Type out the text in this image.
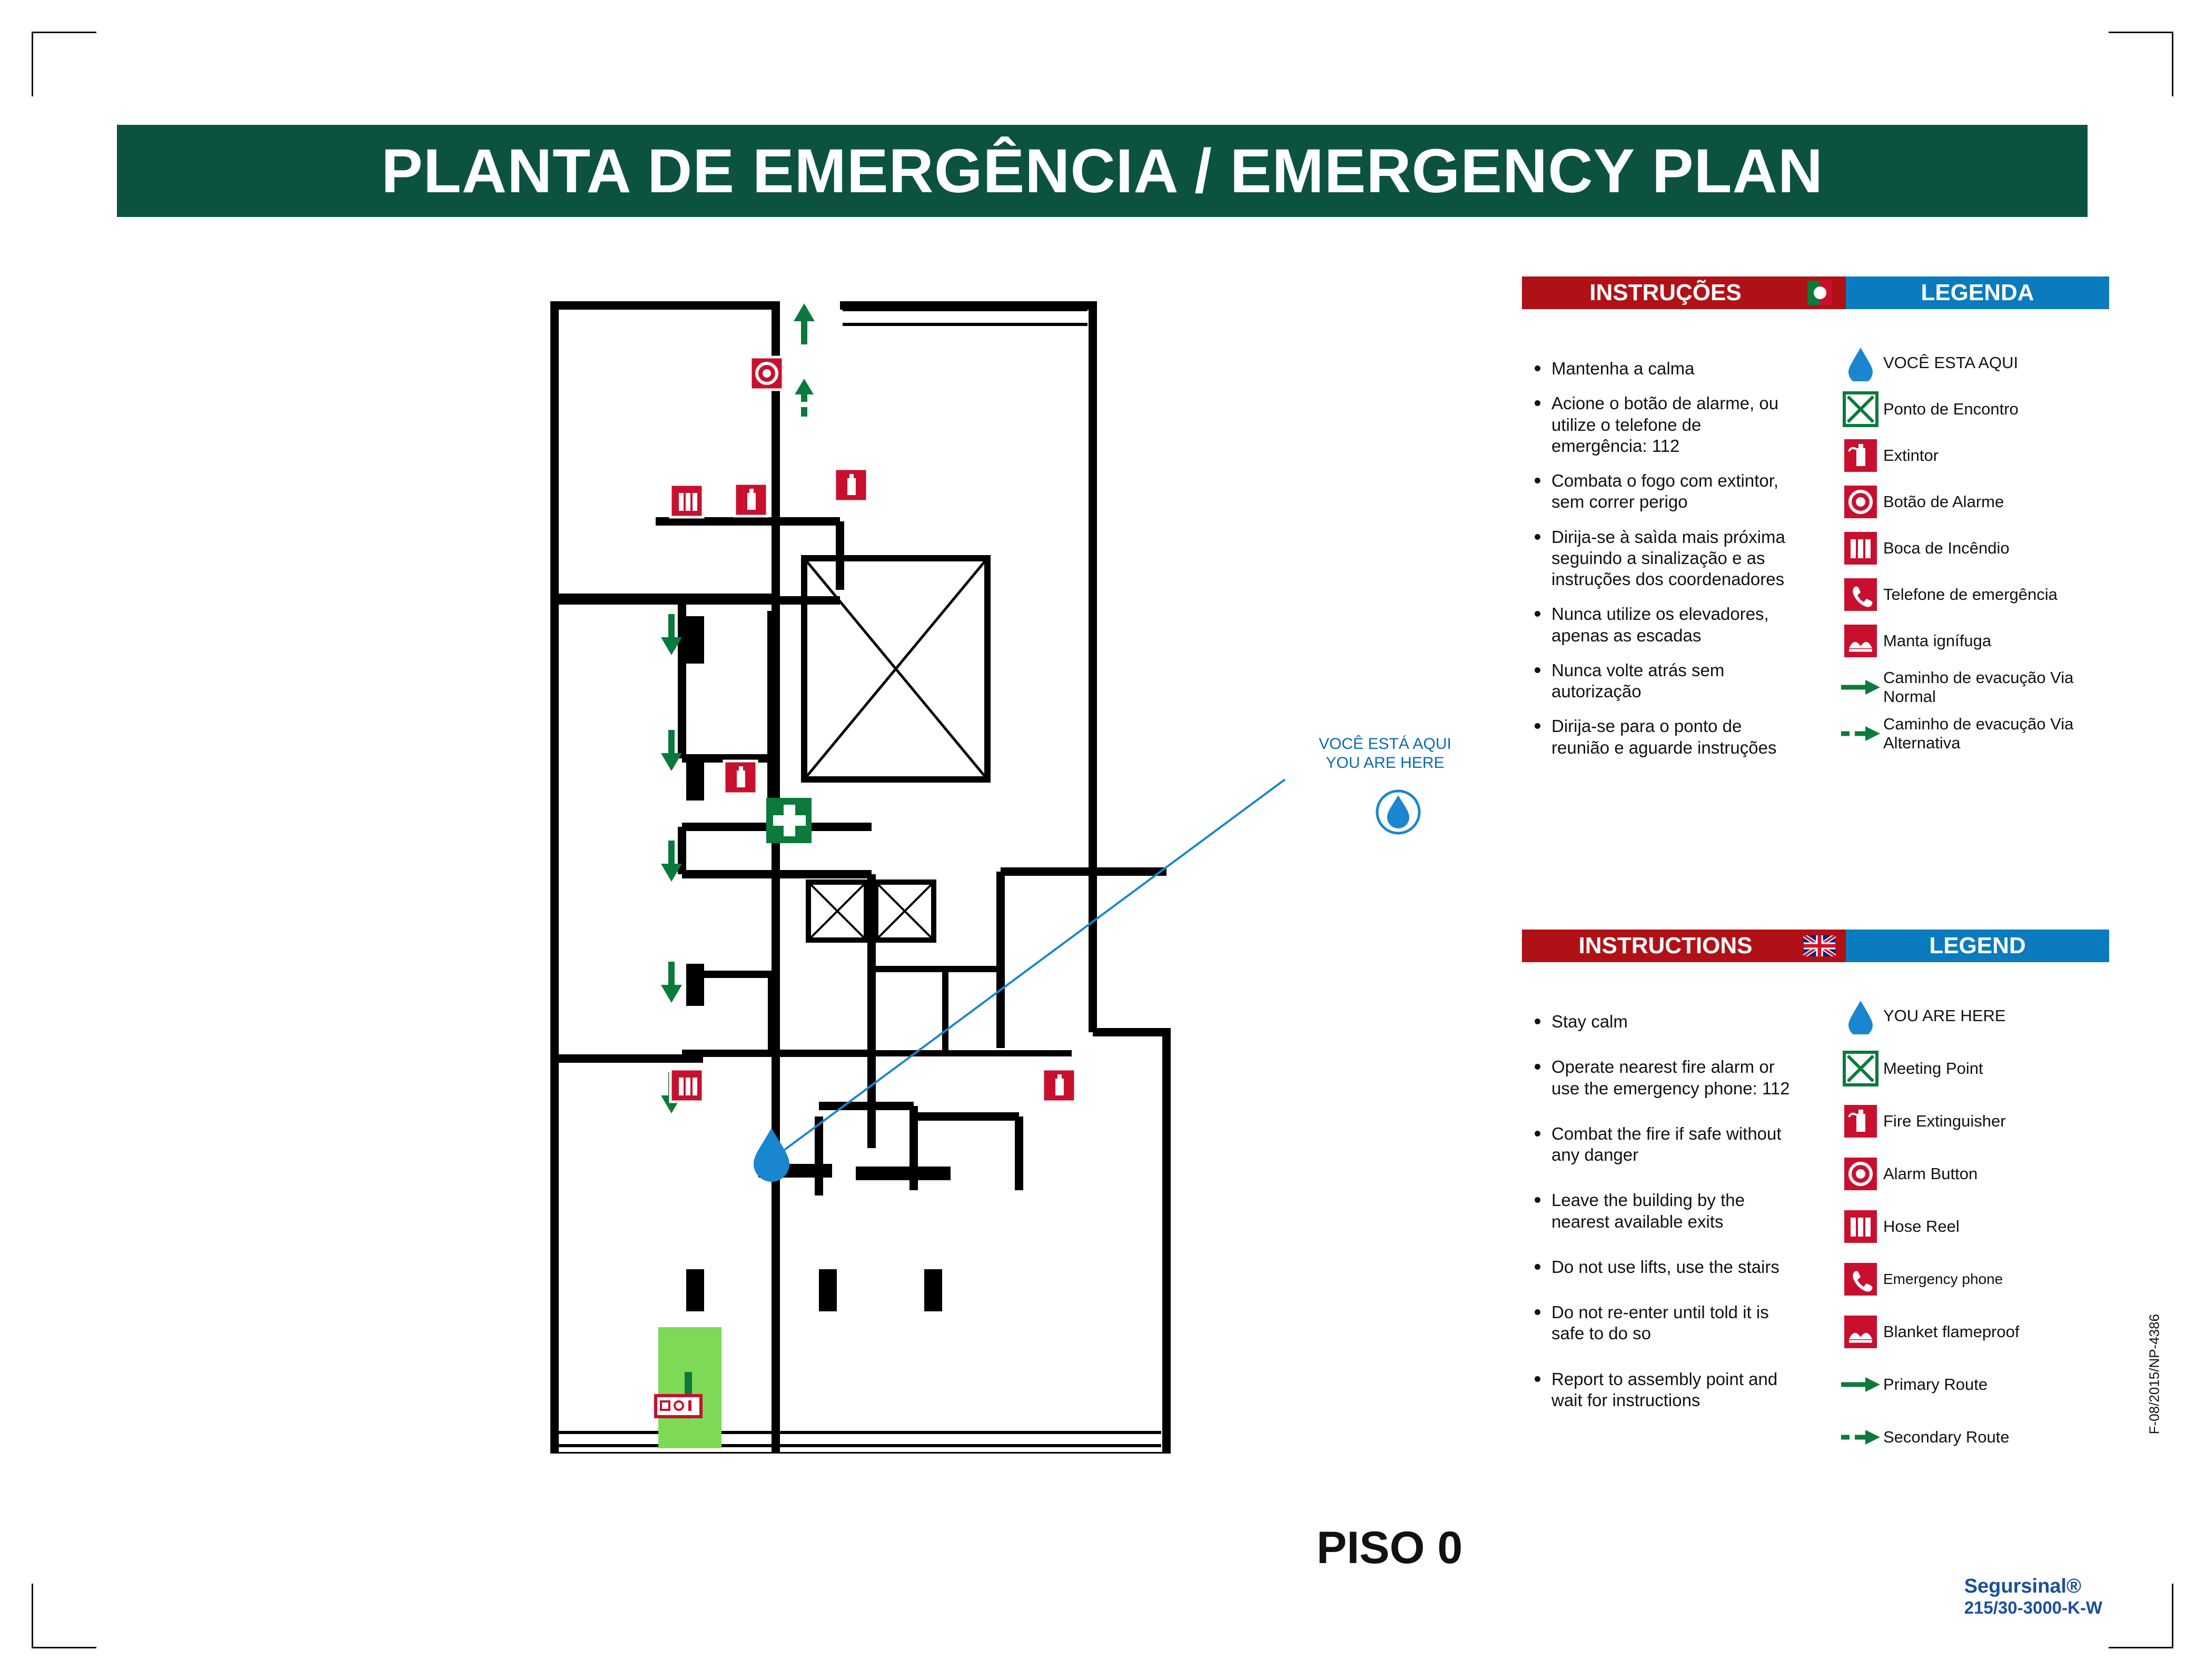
PLANTA DE EMERGÊNCIA / EMERGENCY PLAN
VOCÊ ESTÁ AQUI
YOU ARE HERE
PISO 0
INSTRUÇÕES	LEGENDA
Mantenha a calma
Acione o botão de alarme, ou utilize o telefone de emergência: 112
Combata o fogo com extintor, sem correr perigo
Dirija-se à saìda mais próxima seguindo a sinalização e as instruções dos coordenadores
Nunca utilize os elevadores, apenas as escadas
Nunca volte atrás sem autorização
Dirija-se para o ponto de reunião e aguarde instruções
VOCÊ ESTA AQUI
Ponto de Encontro
Extintor
Botão de Alarme
Boca de Incêndio
Telefone de emergência
Manta ignífuga
Caminho de evacução Via Normal
Caminho de evacução Via Alternativa
INSTRUCTIONS	LEGEND
Stay calm
Operate nearest fire alarm or use the emergency phone: 112
Combat the fire if safe without any danger
Leave the building by the nearest available exits
Do not use lifts, use the stairs
Do not re-enter until told it is safe to do so
Report to assembly point and wait for instructions
YOU ARE HERE
Meeting Point
Fire Extinguisher
Alarm Button
Hose Reel
Emergency phone
Blanket flameproof
Primary Route
Secondary Route
F-08/2015/NP-4386
Segursinal®
215/30-3000-K-W
